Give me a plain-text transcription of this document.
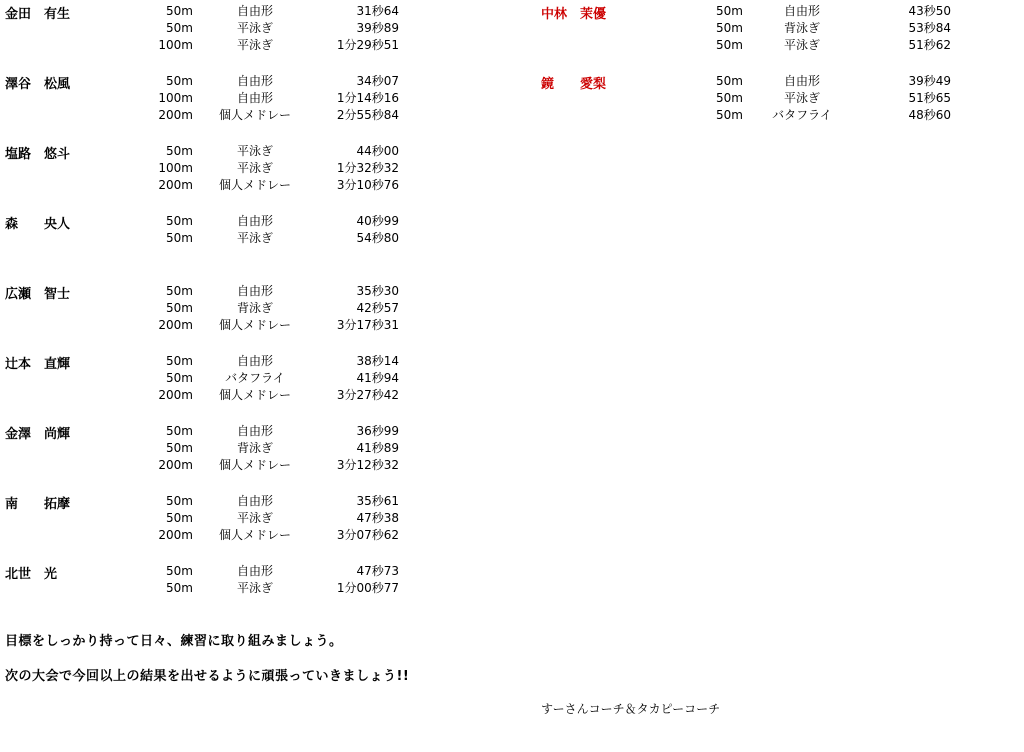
金田　有生	50m	自由形	31秒64
50m	平泳ぎ	39秒89
100m	平泳ぎ	1分29秒51
澤谷　松風	50m	自由形	34秒07
100m	自由形	1分14秒16
200m	個人メドレー	2分55秒84
塩路　悠斗	50m	平泳ぎ	44秒00
100m	平泳ぎ	1分32秒32
200m	個人メドレー	3分10秒76
森　　央人	50m	自由形	40秒99
50m	平泳ぎ	54秒80
広瀬　智士	50m	自由形	35秒30
50m	背泳ぎ	42秒57
200m	個人メドレー	3分17秒31
辻本　直輝	50m	自由形	38秒14
50m	バタフライ	41秒94
200m	個人メドレー	3分27秒42
金澤　尚輝	50m	自由形	36秒99
50m	背泳ぎ	41秒89
200m	個人メドレー	3分12秒32
南　　拓摩	50m	自由形	35秒61
50m	平泳ぎ	47秒38
200m	個人メドレー	3分07秒62
北世　光	50m	自由形	47秒73
50m	平泳ぎ	1分00秒77
中林　茉優	50m	自由形	43秒50
50m	背泳ぎ	53秒84
50m	平泳ぎ	51秒62
鏡　　愛梨	50m	自由形	39秒49
50m	平泳ぎ	51秒65
50m	バタフライ	48秒60
目標をしっかり持って日々、練習に取り組みましょう。
次の大会で今回以上の結果を出せるように頑張っていきましょう!!
すーさんコーチ＆タカピーコーチ
